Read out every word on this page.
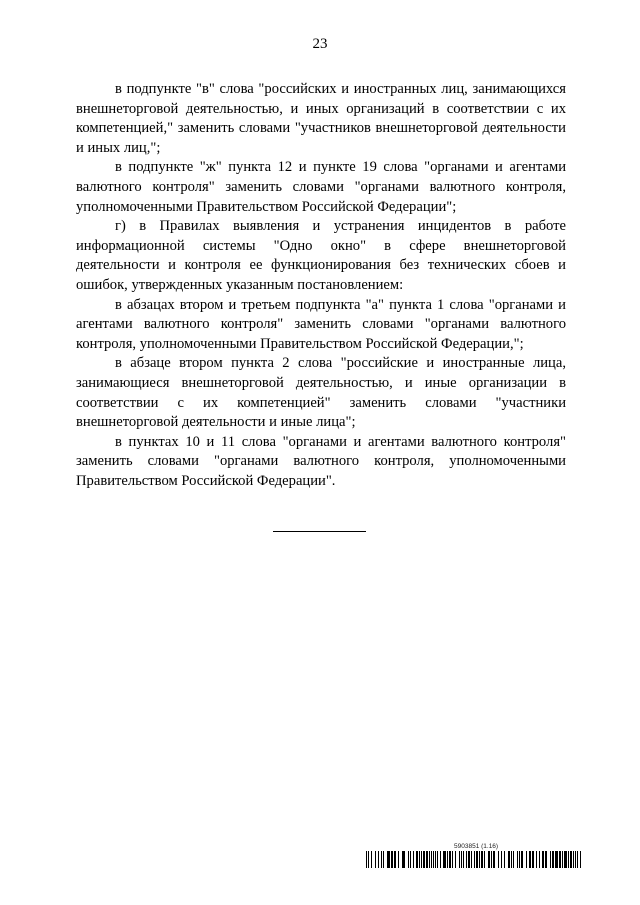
23

в подпункте "в" слова "российских и иностранных лиц, занимающихся внешнеторговой деятельностью, и иных организаций в соответствии с их компетенцией," заменить словами "участников внешнеторговой деятельности и иных лиц,";

в подпункте "ж" пункта 12 и пункте 19 слова "органами и агентами валютного контроля" заменить словами "органами валютного контроля, уполномоченными Правительством Российской Федерации";

г) в Правилах выявления и устранения инцидентов в работе информационной системы "Одно окно" в сфере внешнеторговой деятельности и контроля ее функционирования без технических сбоев и ошибок, утвержденных указанным постановлением:

в абзацах втором и третьем подпункта "а" пункта 1 слова "органами и агентами валютного контроля" заменить словами "органами валютного контроля, уполномоченными Правительством Российской Федерации,";

в абзаце втором пункта 2 слова "российские и иностранные лица, занимающиеся внешнеторговой деятельностью, и иные организации в соответствии с их компетенцией" заменить словами "участники внешнеторговой деятельности и иные лица";

в пунктах 10 и 11 слова "органами и агентами валютного контроля" заменить словами "органами валютного контроля, уполномоченными Правительством Российской Федерации".

5903851 (1.16)
